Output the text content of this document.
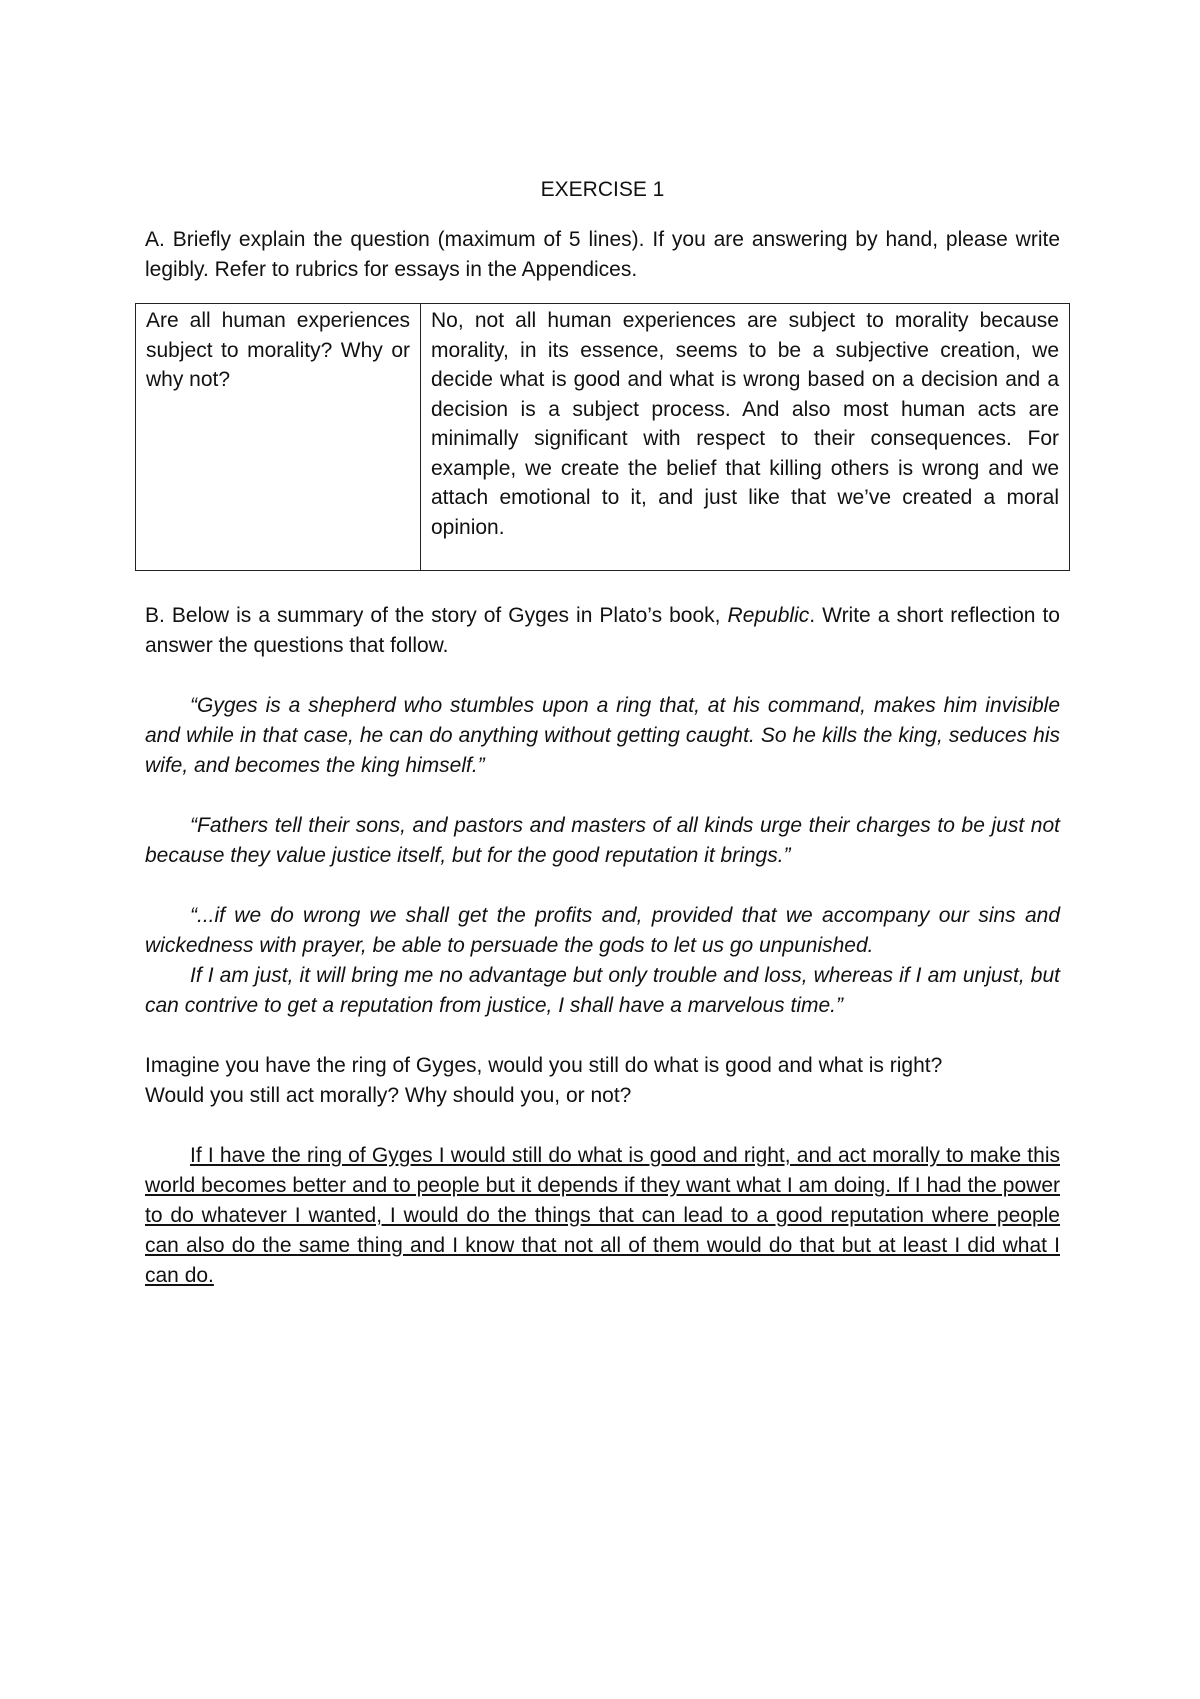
EXERCISE 1

A. Briefly explain the question (maximum of 5 lines). If you are answering by hand, please write legibly. Refer to rubrics for essays in the Appendices.

Are all human experiences subject to morality? Why or why not?	No, not all human experiences are subject to morality because morality, in its essence, seems to be a subjective creation, we decide what is good and what is wrong based on a decision and a decision is a subject process. And also most human acts are minimally significant with respect to their consequences. For example, we create the belief that killing others is wrong and we attach emotional to it, and just like that we’ve created a moral opinion.

B. Below is a summary of the story of Gyges in Plato’s book, Republic. Write a short reflection to answer the questions that follow.

“Gyges is a shepherd who stumbles upon a ring that, at his command, makes him invisible and while in that case, he can do anything without getting caught. So he kills the king, seduces his wife, and becomes the king himself.”

“Fathers tell their sons, and pastors and masters of all kinds urge their charges to be just not because they value justice itself, but for the good reputation it brings.”

“...if we do wrong we shall get the profits and, provided that we accompany our sins and wickedness with prayer, be able to persuade the gods to let us go unpunished.

If I am just, it will bring me no advantage but only trouble and loss, whereas if I am unjust, but can contrive to get a reputation from justice, I shall have a marvelous time.”

Imagine you have the ring of Gyges, would you still do what is good and what is right?

Would you still act morally? Why should you, or not?

If I have the ring of Gyges I would still do what is good and right, and act morally to make this world becomes better and to people but it depends if they want what I am doing. If I had the power to do whatever I wanted, I would do the things that can lead to a good reputation where people can also do the same thing and I know that not all of them would do that but at least I did what I can do.
